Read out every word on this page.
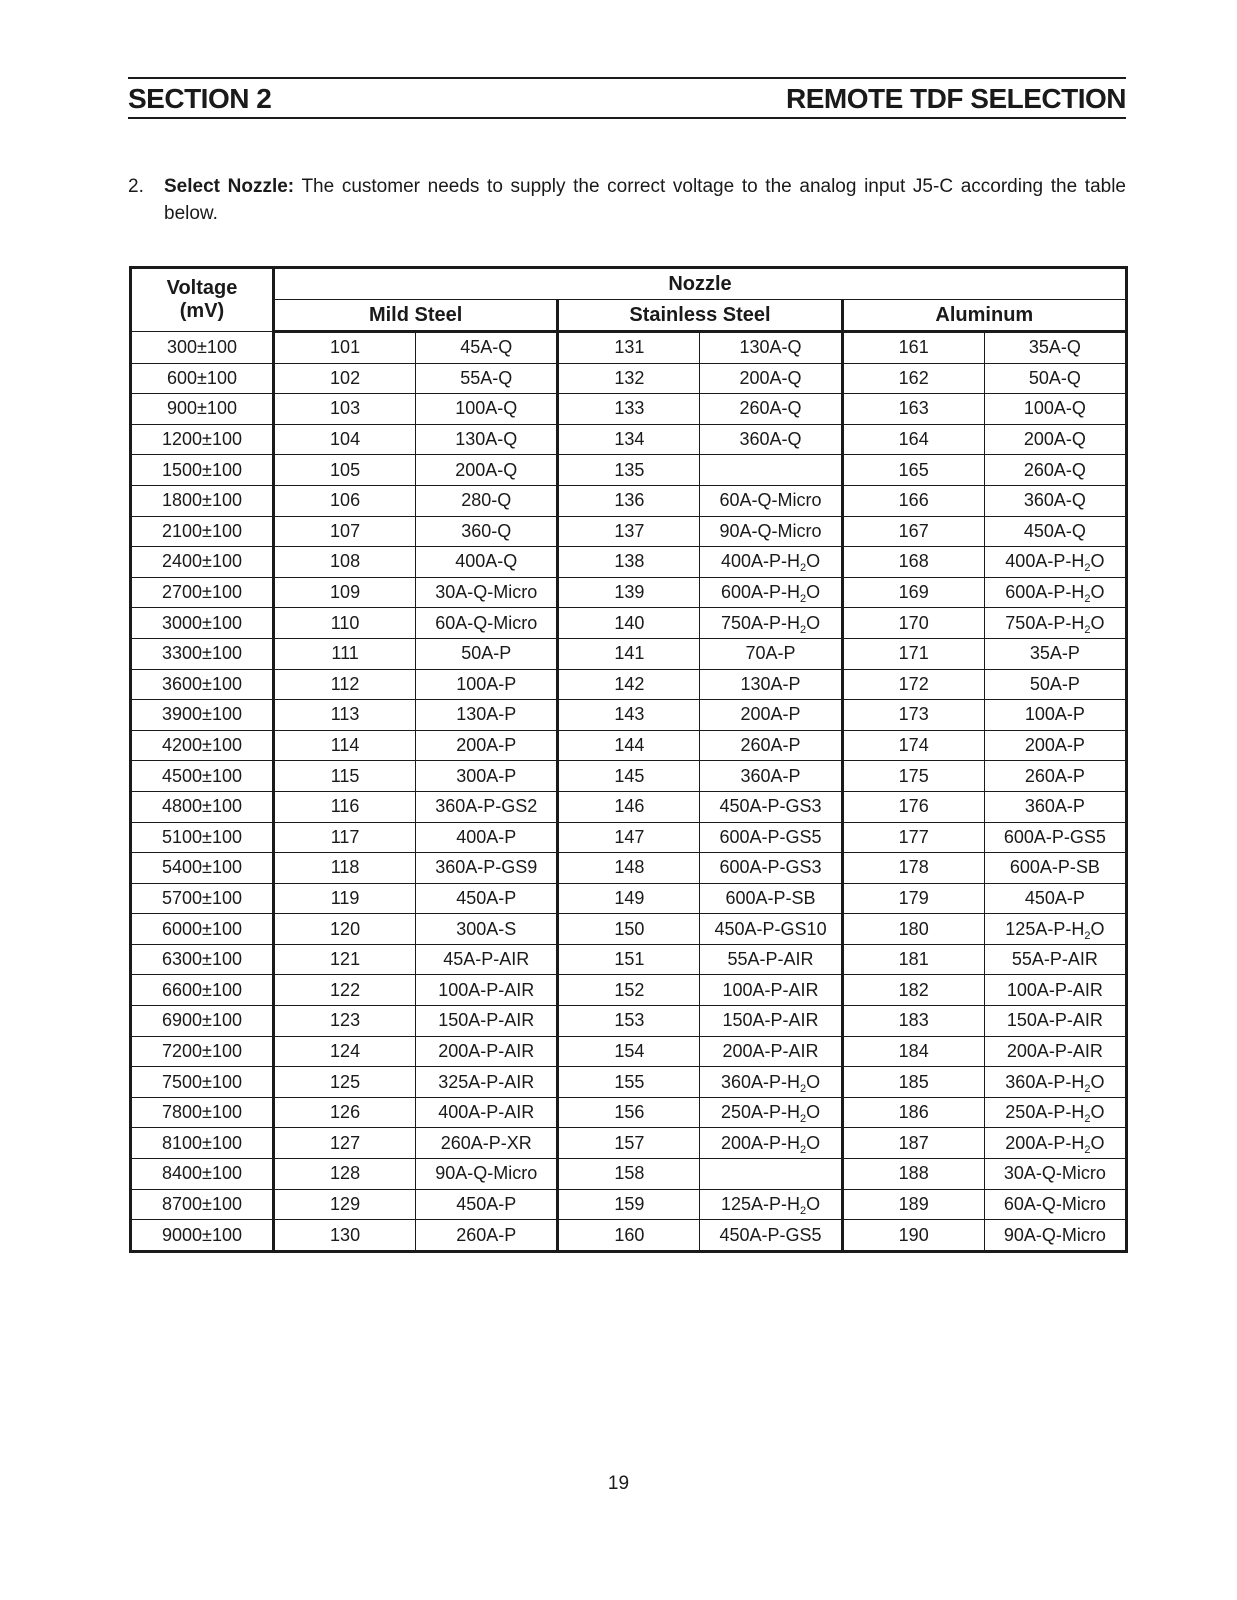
SECTION 2	REMOTE TDF SELECTION
2. Select Nozzle: The customer needs to supply the correct voltage to the analog input J5-C according the table below.
Voltage
(mV)	Nozzle					
	Mild Steel		Stainless Steel		Aluminum	
300±100	101	45A-Q	131	130A-Q	161	35A-Q
600±100	102	55A-Q	132	200A-Q	162	50A-Q
900±100	103	100A-Q	133	260A-Q	163	100A-Q
1200±100	104	130A-Q	134	360A-Q	164	200A-Q
1500±100	105	200A-Q	135		165	260A-Q
1800±100	106	280-Q	136	60A-Q-Micro	166	360A-Q
2100±100	107	360-Q	137	90A-Q-Micro	167	450A-Q
2400±100	108	400A-Q	138	$400A-P-H_2O$	168	$400A-P-H_2O$
2700±100	109	30A-Q-Micro	139	$600A-P-H_2O$	169	$600A-P-H_2O$
3000±100	110	60A-Q-Micro	140	$750A-P-H_2O$	170	$750A-P-H_2O$
3300±100	111	50A-P	141	70A-P	171	35A-P
3600±100	112	100A-P	142	130A-P	172	50A-P
3900±100	113	130A-P	143	200A-P	173	100A-P
4200±100	114	200A-P	144	260A-P	174	200A-P
4500±100	115	300A-P	145	360A-P	175	260A-P
4800±100	116	360A-P-GS2	146	450A-P-GS3	176	360A-P
5100±100	117	400A-P	147	600A-P-GS5	177	600A-P-GS5
5400±100	118	360A-P-GS9	148	600A-P-GS3	178	600A-P-SB
5700±100	119	450A-P	149	600A-P-SB	179	450A-P
6000±100	120	300A-S	150	450A-P-GS10	180	$125A-P-H_2O$
6300±100	121	45A-P-AIR	151	55A-P-AIR	181	55A-P-AIR
6600±100	122	100A-P-AIR	152	100A-P-AIR	182	100A-P-AIR
6900±100	123	150A-P-AIR	153	150A-P-AIR	183	150A-P-AIR
7200±100	124	200A-P-AIR	154	200A-P-AIR	184	200A-P-AIR
7500±100	125	325A-P-AIR	155	$360A-P-H_2O$	185	$360A-P-H_2O$
7800±100	126	400A-P-AIR	156	$250A-P-H_2O$	186	$250A-P-H_2O$
8100±100	127	260A-P-XR	157	$200A-P-H_2O$	187	$200A-P-H_2O$
8400±100	128	90A-Q-Micro	158		188	30A-Q-Micro
8700±100	129	450A-P	159	$125A-P-H_2O$	189	60A-Q-Micro
9000±100	130	260A-P	160	450A-P-GS5	190	90A-Q-Micro
19
